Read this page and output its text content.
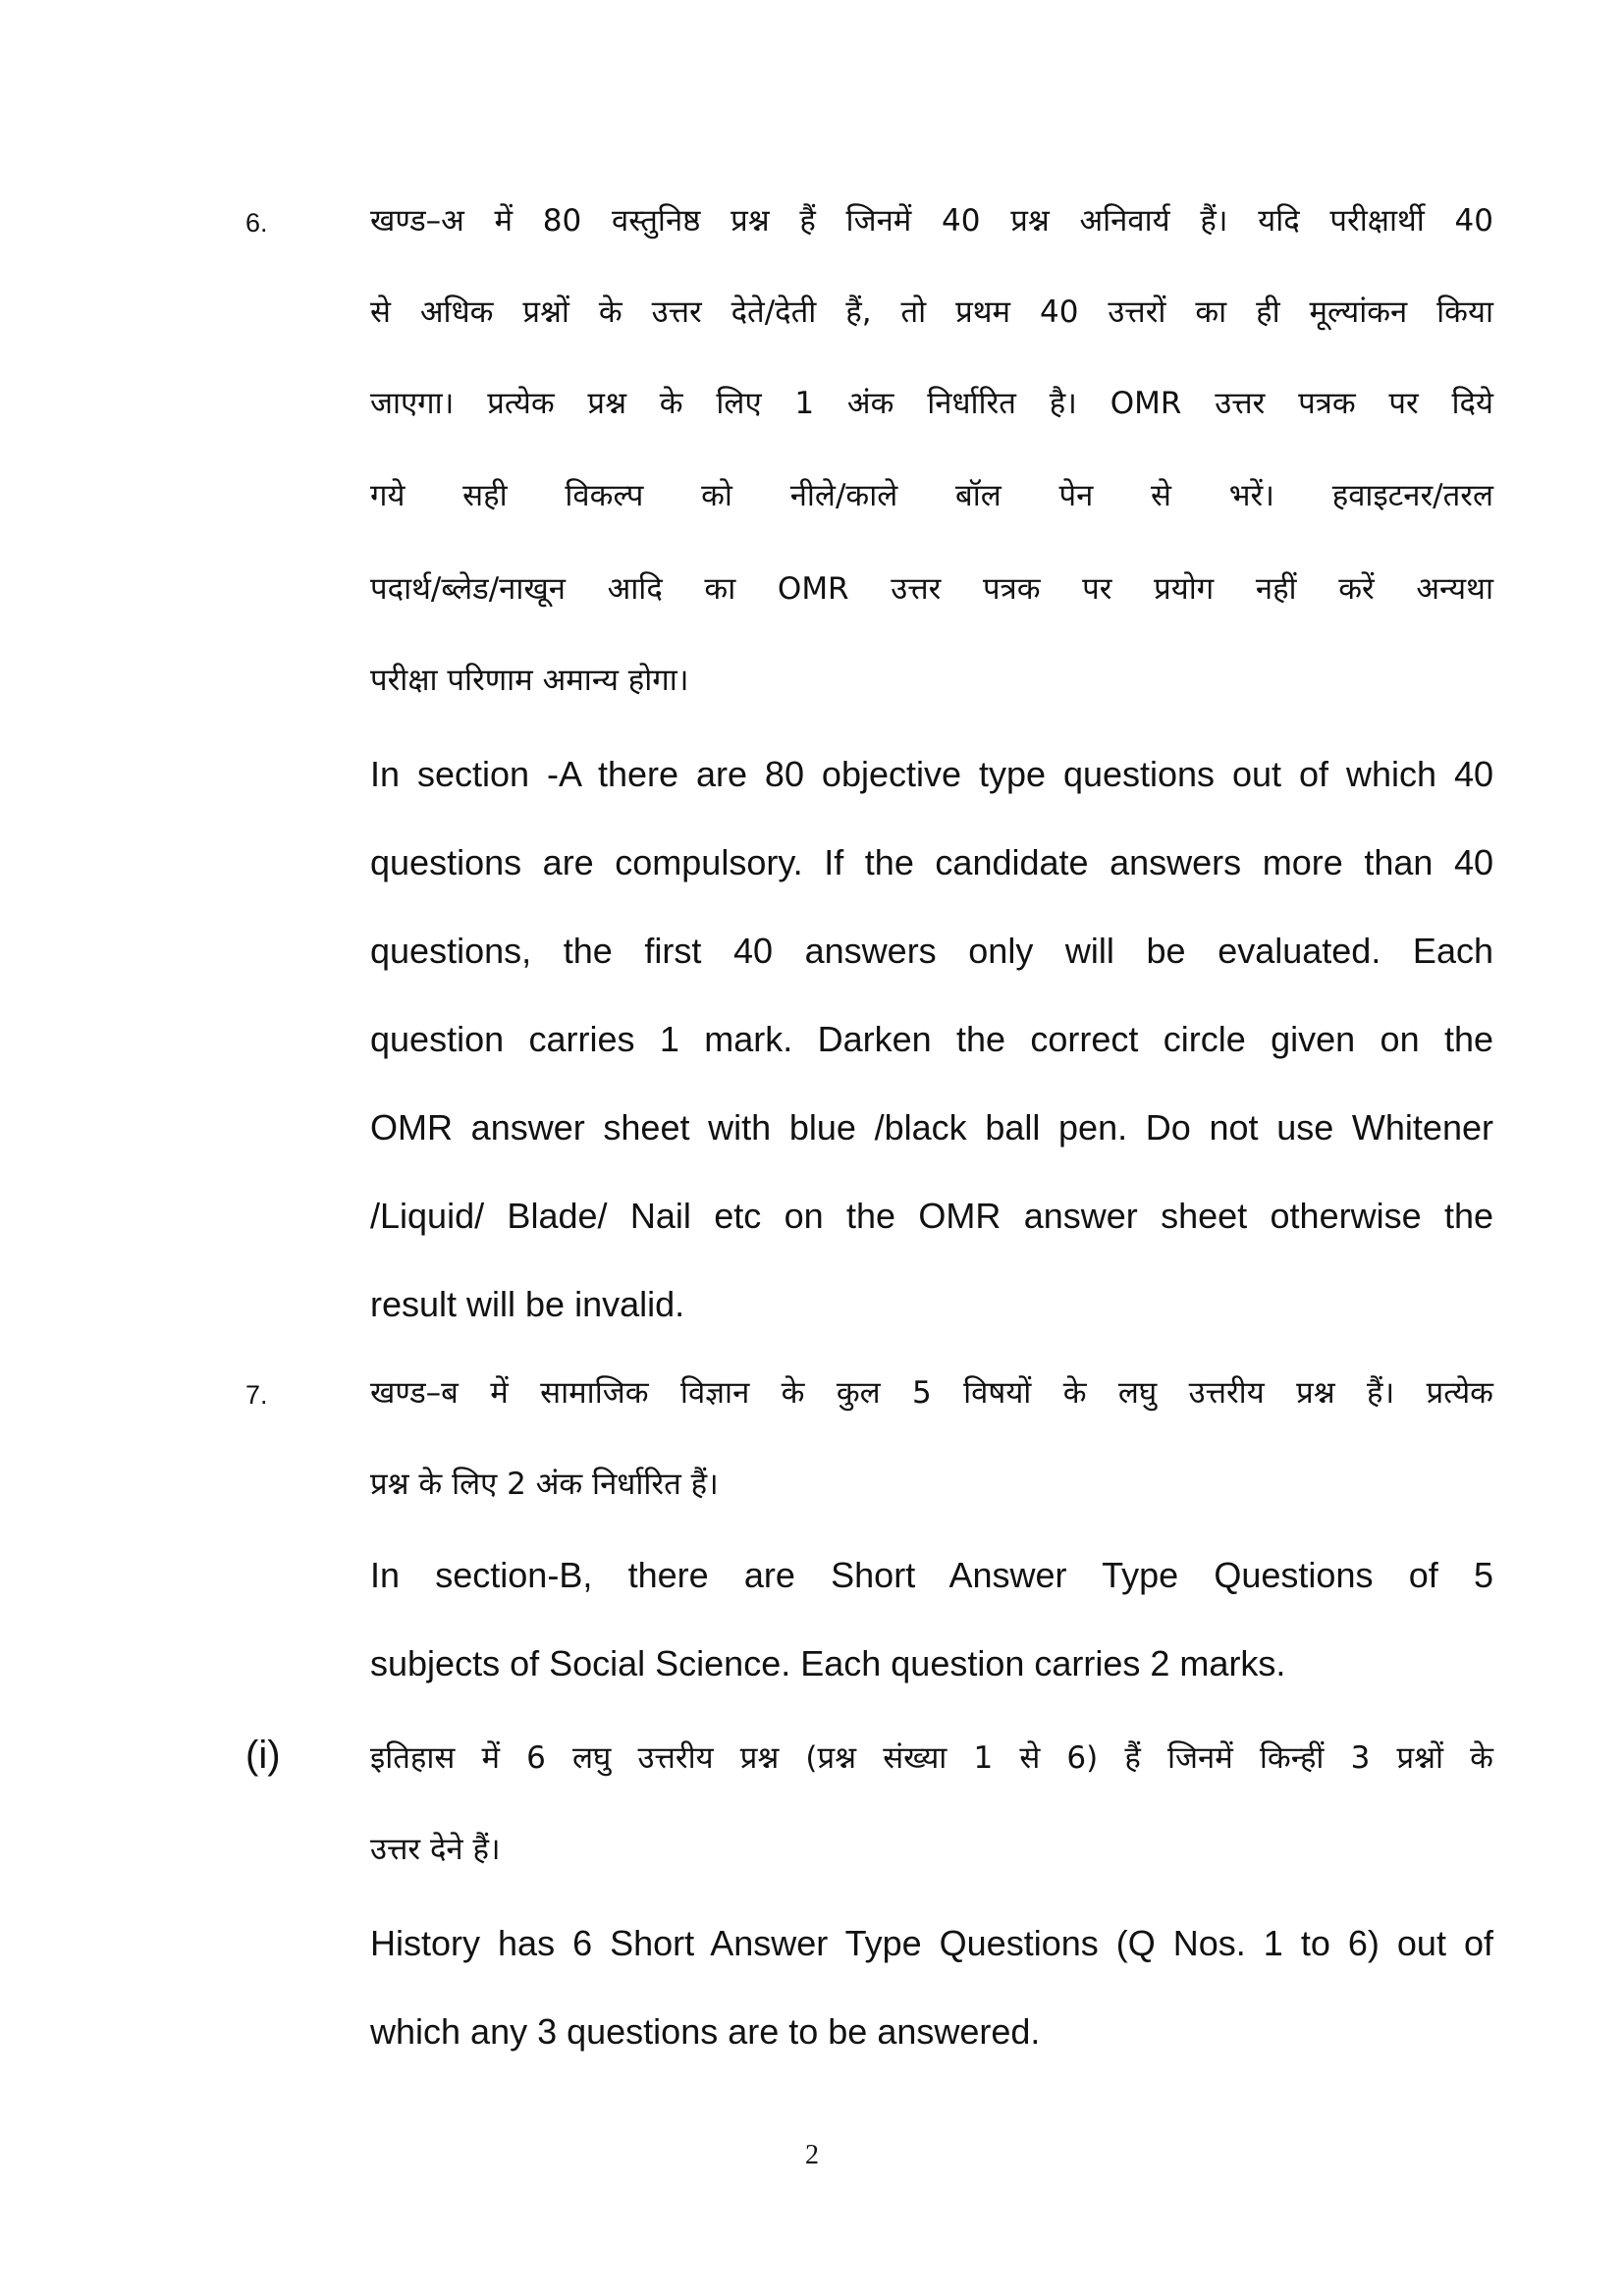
6.	खण्ड–अ में 80 वस्तुनिष्ठ प्रश्न हैं जिनमें 40 प्रश्न अनिवार्य हैं। यदि परीक्षार्थी 40
से अधिक प्रश्नों के उत्तर देते/देती हैं, तो प्रथम 40 उत्तरों का ही मूल्यांकन किया
जाएगा। प्रत्येक प्रश्न के लिए 1 अंक निर्धारित है। OMR उत्तर पत्रक पर दिये
गये सही विकल्प को नीले/काले बॉल पेन से भरें। हवाइटनर/तरल
पदार्थ/ब्लेड/नाखून आदि का OMR उत्तर पत्रक पर प्रयोग नहीं करें अन्यथा
परीक्षा परिणाम अमान्य होगा।
In section -A there are 80 objective type questions out of which 40
questions are compulsory. If the candidate answers more than 40
questions, the first 40 answers only will be evaluated. Each
question carries 1 mark. Darken the correct circle given on the
OMR answer sheet with blue /black ball pen. Do not use Whitener
/Liquid/ Blade/ Nail etc on the OMR answer sheet otherwise the
result will be invalid.
7.	खण्ड–ब में सामाजिक विज्ञान के कुल 5 विषयों के लघु उत्तरीय प्रश्न हैं। प्रत्येक
प्रश्न के लिए 2 अंक निर्धारित हैं।
In section-B, there are Short Answer Type Questions of 5
subjects of Social Science. Each question carries 2 marks.
(i)	इतिहास में 6 लघु उत्तरीय प्रश्न (प्रश्न संख्या 1 से 6) हैं जिनमें किन्हीं 3 प्रश्नों के
उत्तर देने हैं।
History has 6 Short Answer Type Questions (Q Nos. 1 to 6) out of
which any 3 questions are to be answered.
2
